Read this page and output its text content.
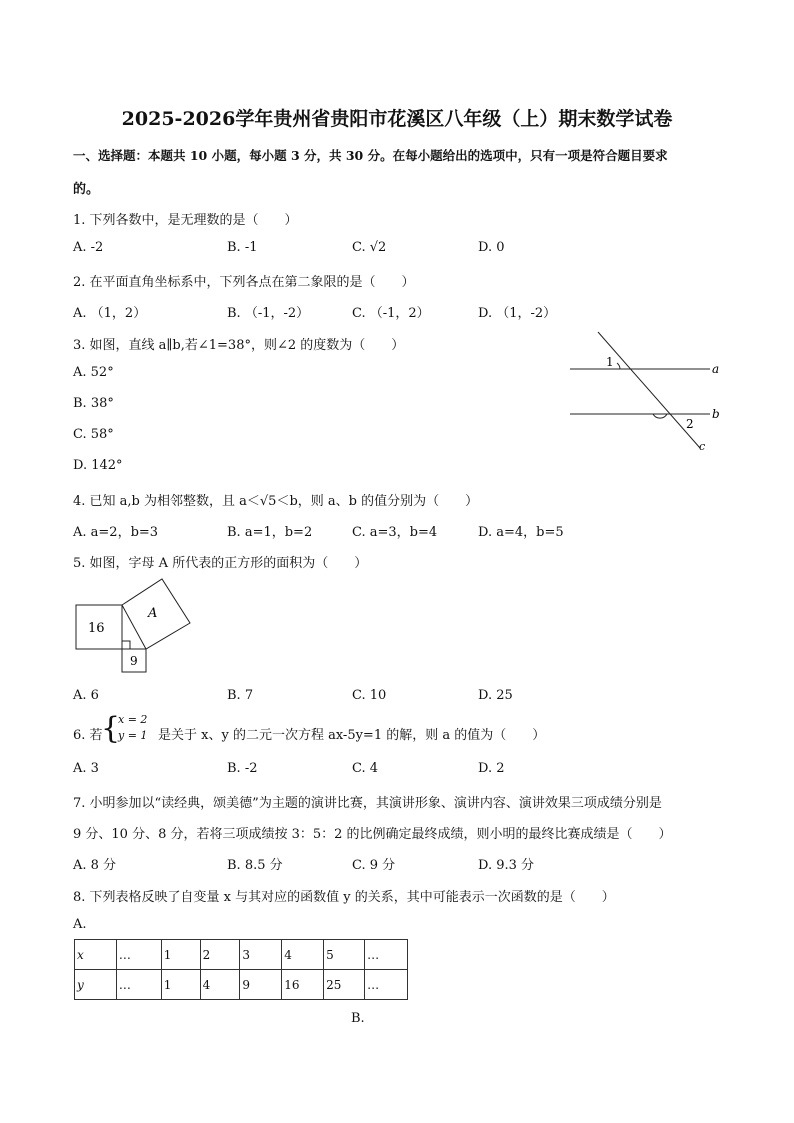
2025-2026学年贵州省贵阳市花溪区八年级（上）期末数学试卷
一、选择题：本题共 10 小题，每小题 3 分，共 30 分。在每小题给出的选项中，只有一项是符合题目要求
的。
1. 下列各数中，是无理数的是（　　）
A. -2	B. -1	C. √2	D. 0
2. 在平面直角坐标系中，下列各点在第二象限的是（　　）
A. （1，2）	B. （-1，-2）	C. （-1，2）	D. （1，-2）
3. 如图，直线 a∥b,若∠1=38°，则∠2 的度数为（　　）
A. 52°
B. 38°
C. 58°
D. 142°
1
2
a
b
c
4. 已知 a,b 为相邻整数，且 a＜√5＜b，则 a、b 的值分别为（　　）
A. a=2，b=3	B. a=1，b=2	C. a=3，b=4	D. a=4，b=5
5. 如图，字母 A 所代表的正方形的面积为（　　）
16
9
A
A. 6	B. 7	C. 10	D. 25
6. 若
{
x = 2
y = 1 是关于 x、y 的二元一次方程 ax-5y=1 的解，则 a 的值为（　　）
A. 3	B. -2	C. 4	D. 2
7. 小明参加以“读经典，颂美德”为主题的演讲比赛，其演讲形象、演讲内容、演讲效果三项成绩分别是
9 分、10 分、8 分，若将三项成绩按 3：5：2 的比例确定最终成绩，则小明的最终比赛成绩是（　　）
A. 8 分	B. 8.5 分	C. 9 分	D. 9.3 分
8. 下列表格反映了自变量 x 与其对应的函数值 y 的关系，其中可能表示一次函数的是（　　）
A.
x	…	1	2	3	4	5	…
y	…	1	4	9	16	25	…
B.
